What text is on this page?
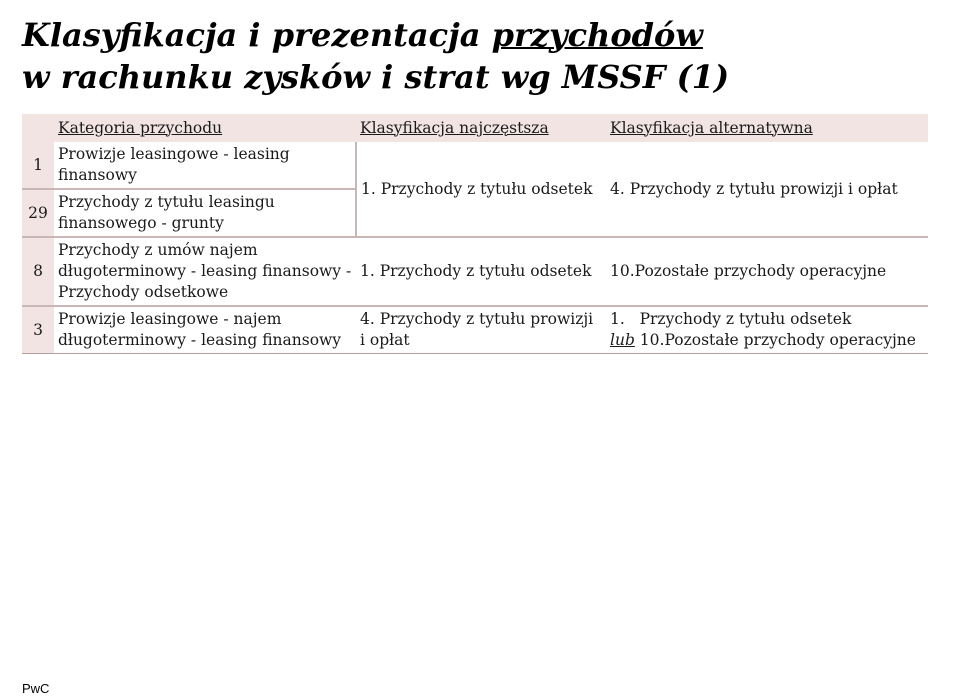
Klasyfikacja i prezentacja przychodów
w rachunku zysków i strat wg MSSF (1)
	Kategoria przychodu	Klasyfikacja najczęstsza	Klasyfikacja alternatywna
1	Prowizje leasingowe - leasing finansowy	1. Przychody z tytułu odsetek	4. Przychody z tytułu prowizji i opłat
29	Przychody z tytułu leasingu finansowego - grunty		
8	Przychody z umów najem długoterminowy - leasing finansowy - Przychody odsetkowe	1. Przychody z tytułu odsetek	10.Pozostałe przychody operacyjne
3	Prowizje leasingowe - najem długoterminowy - leasing finansowy	4. Przychody z tytułu prowizji i opłat	1.   Przychody z tytułu odsetek
lub 10.Pozostałe przychody operacyjne
PwC
